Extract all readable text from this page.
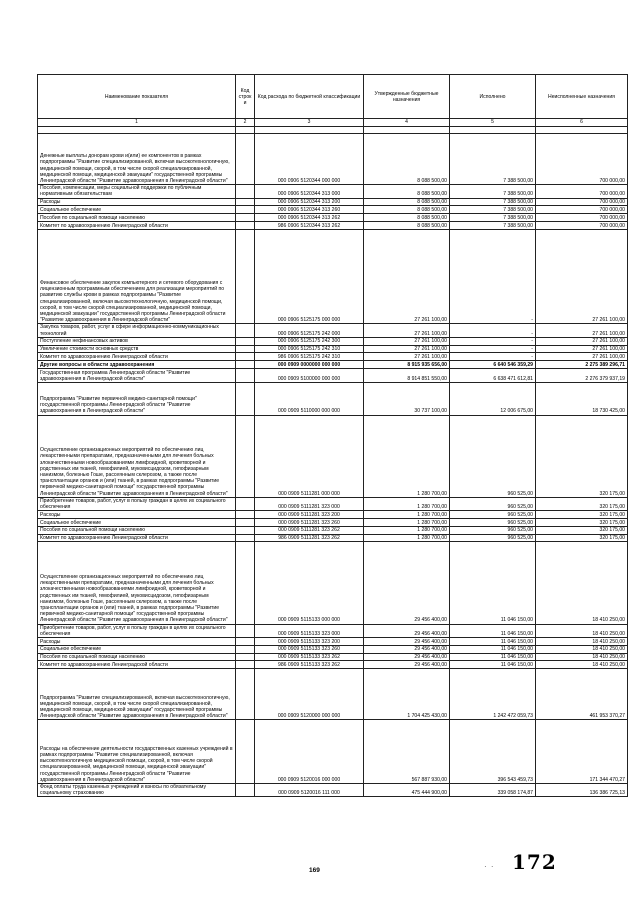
Наименование показателя	Код строк и	Код расхода по бюджетной классификации	Утвержденные бюджетные назначения	Исполнено	Неисполненные назначения
1	2	3	4	5	6

Денежные выплаты донорам крови и(или) ее компонентов в рамках подпрограммы "Развитие специализированной, включая высокотехнологичную, медицинской помощи, скорой, в том числе скорой специализированной, медицинской помощи, медицинской эвакуации" государственной программы Ленинградской области "Развитие здравоохранения в Ленинградской области"		000 0906 5120344 000 000	8 088 500,00	7 388 500,00	700 000,00
Пособия, компенсации, меры социальной поддержки по публичным нормативным обязательствам		000 0906 5120344 313 000	8 088 500,00	7 388 500,00	700 000,00
Расходы		000 0906 5120344 313 200	8 088 500,00	7 388 500,00	700 000,00
Социальное обеспечение		000 0906 5120344 313 260	8 088 500,00	7 388 500,00	700 000,00
Пособия по социальной помощи населению		000 0906 5120344 313 262	8 088 500,00	7 388 500,00	700 000,00
Комитет по здравоохранению Ленинградской области		986 0906 5120344 313 262	8 088 500,00	7 388 500,00	700 000,00
Финансовое обеспечение закупок компьютерного и сетевого оборудования с лицензионным программным обеспечением для реализации мероприятий по развитию службы крови в рамках подпрограммы "Развитие специализированной, включая высокотехнологичную, медицинской помощи, скорой, в том числе скорой специализированной, медицинской помощи, медицинской эвакуации" государственной программы Ленинградской области "Развитие здравоохранения в Ленинградской области"		000 0906 5125175 000 000	27 261 100,00	-	27 261 100,00
Закупка товаров, работ, услуг в сфере информационно-коммуникационных технологий		000 0906 5125175 242 000	27 261 100,00	-	27 261 100,00
Поступление нефинансовых активов		000 0906 5125175 242 300	27 261 100,00	-	27 261 100,00
Увеличение стоимости основных средств		000 0906 5125175 242 310	27 261 100,00	-	27 261 100,00
Комитет по здравоохранению Ленинградской области		986 0906 5125175 242 310	27 261 100,00	-	27 261 100,00
Другие вопросы в области здравоохранения		000 0909 0000000 000 000	8 915 935 656,00	6 640 546 359,29	2 275 389 296,71
Государственная программа Ленинградской области "Развитие здравоохранения в Ленинградской области"		000 0909 5100000 000 000	8 914 851 550,00	6 638 471 612,81	2 276 379 937,19
Подпрограмма "Развитие первичной медико-санитарной помощи" государственной программы Ленинградской области "Развитие здравоохранения в Ленинградской области"		000 0909 5110000 000 000	30 737 100,00	12 006 675,00	18 730 425,00
Осуществление организационных мероприятий по обеспечению лиц лекарственными препаратами, предназначенными для лечения больных злокачественными новообразованиями лимфоидной, кроветворной и родственных им тканей, гемофилией, муковисцидозом, гипофизарным нанизмом, болезнью Гоше, рассеянным склерозом, а также после трансплантации органов и (или) тканей, в рамках подпрограммы "Развитие первичной медико-санитарной помощи" государственной программы Ленинградской области "Развитие здравоохранения в Ленинградской области"		000 0909 5111281 000 000	1 280 700,00	960 525,00	320 175,00
Приобретение товаров, работ, услуг в пользу граждан в целях их социального обеспечения		000 0909 5111281 323 000	1 280 700,00	960 525,00	320 175,00
Расходы		000 0909 5111281 323 200	1 280 700,00	960 525,00	320 175,00
Социальное обеспечение		000 0909 5111281 323 260	1 280 700,00	960 525,00	320 175,00
Пособия по социальной помощи населению		000 0909 5111281 323 262	1 280 700,00	960 525,00	320 175,00
Комитет по здравоохранению Ленинградской области		986 0909 5111281 323 262	1 280 700,00	960 525,00	320 175,00
Осуществление организационных мероприятий по обеспечению лиц лекарственными препаратами, предназначенными для лечения больных злокачественными новообразованиями лимфоидной, кроветворной и родственных им тканей, гемофилией, муковисцидозом, гипофизарным нанизмом, болезнью Гоше, рассеянным склерозом, а также после трансплантации органов и (или) тканей, в рамках подпрограммы "Развитие первичной медико-санитарной помощи" государственной программы Ленинградской области "Развитие здравоохранения в Ленинградской области"		000 0909 5115133 000 000	29 456 400,00	11 046 150,00	18 410 250,00
Приобретение товаров, работ, услуг в пользу граждан в целях их социального обеспечения		000 0909 5115133 323 000	29 456 400,00	11 046 150,00	18 410 250,00
Расходы		000 0909 5115133 323 200	29 456 400,00	11 046 150,00	18 410 250,00
Социальное обеспечение		000 0909 5115133 323 260	29 456 400,00	11 046 150,00	18 410 250,00
Пособия по социальной помощи населению		000 0909 5115133 323 262	29 456 400,00	11 046 150,00	18 410 250,00
Комитет по здравоохранению Ленинградской области		986 0909 5115133 323 262	29 456 400,00	11 046 150,00	18 410 250,00
Подпрограмма "Развитие специализированной, включая высокотехнологичную, медицинской помощи, скорой, в том числе скорой специализированной, медицинской помощи, медицинской эвакуации" государственной программы Ленинградской области "Развитие здравоохранения в Ленинградской области"		000 0909 5120000 000 000	1 704 425 430,00	1 242 472 059,73	461 953 370,27
Расходы на обеспечение деятельности государственных казенных учреждений в рамках подпрограммы "Развитие специализированной, включая высокотехнологичную медицинской помощи, скорой, в том числе скорой специализированной, медицинской помощи, медицинской эвакуации" государственной программы Ленинградской области "Развитие здравоохранения в Ленинградской области"		000 0909 5120016 000 000	567 887 930,00	396 543 459,73	171 344 470,27
Фонд оплаты труда казенных учреждений и взносы по обязательному социальному страхованию		000 0909 5120016 111 000	475 444 900,00	339 058 174,87	136 386 725,13
169	· · 172
